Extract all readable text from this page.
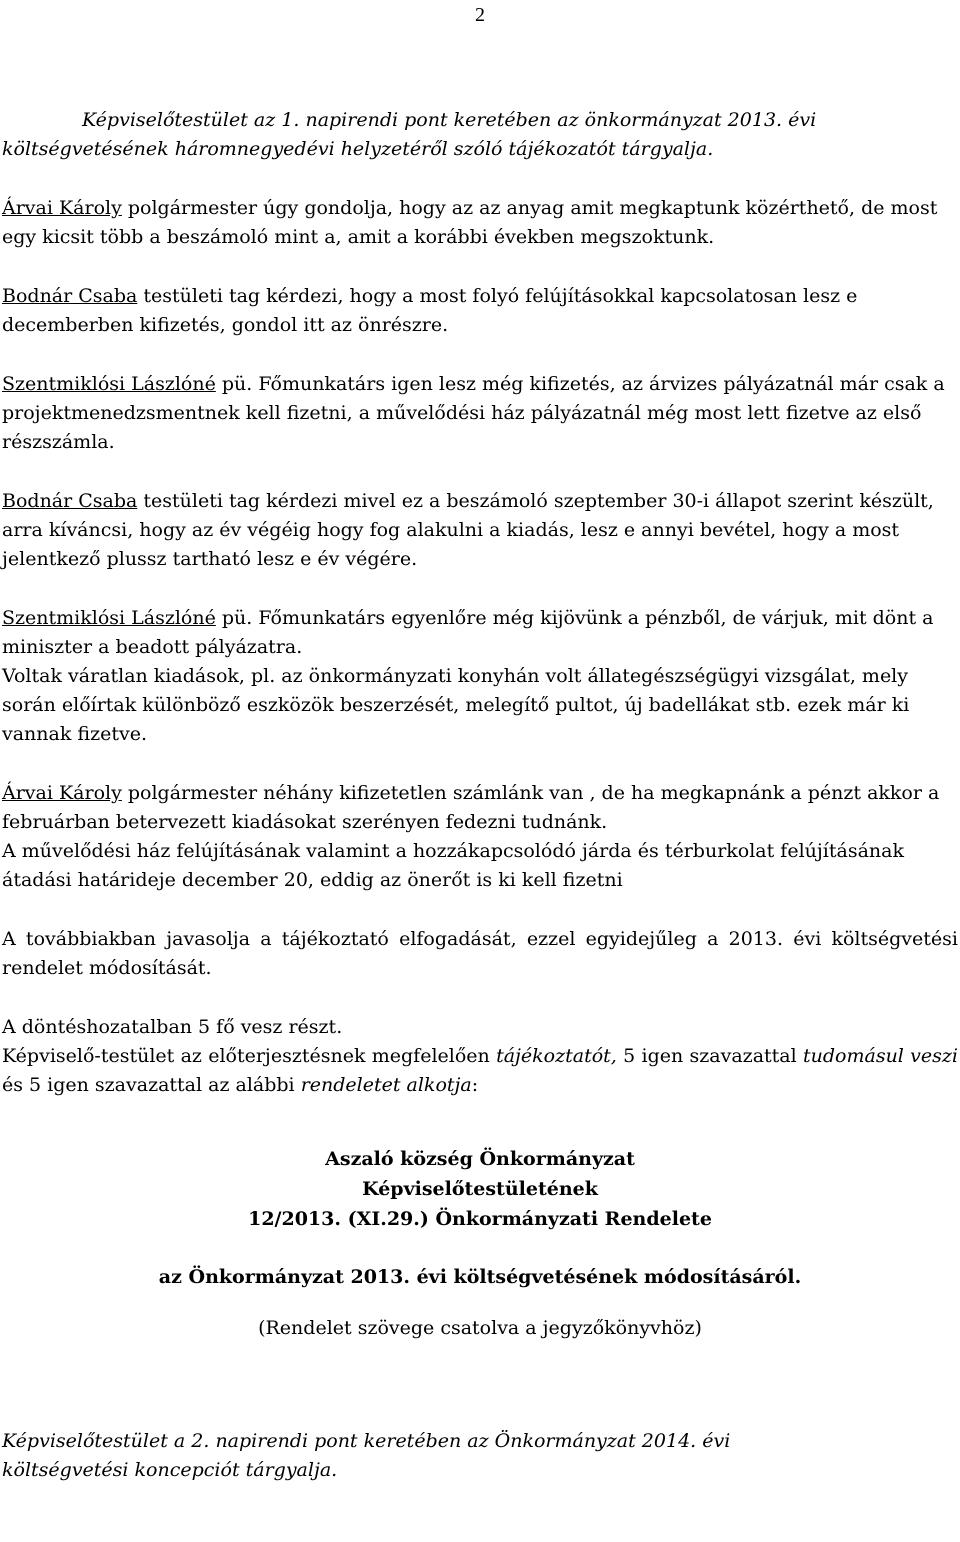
2

Képviselőtestület az 1. napirendi pont keretében az önkormányzat 2013. évi

költségvetésének háromnegyedévi helyzetéről szóló tájékozatót tárgyalja.

Árvai Károly polgármester úgy gondolja, hogy az az anyag amit megkaptunk közérthető, de most egy kicsit több a beszámoló mint a, amit a korábbi években megszoktunk.

Bodnár Csaba testületi tag kérdezi, hogy a most folyó felújításokkal kapcsolatosan lesz e decemberben kifizetés, gondol itt az önrészre.

Szentmiklósi Lászlóné pü. Főmunkatárs igen lesz még kifizetés, az árvizes pályázatnál már csak a projektmenedzsmentnek kell fizetni, a művelődési ház pályázatnál még most lett fizetve az első részszámla.

Bodnár Csaba testületi tag kérdezi mivel ez a beszámoló szeptember 30-i állapot szerint készült, arra kíváncsi, hogy az év végéig hogy fog alakulni a kiadás, lesz e annyi bevétel, hogy a most jelentkező plussz tartható lesz e év végére.

Szentmiklósi Lászlóné pü. Főmunkatárs egyenlőre még kijövünk a pénzből, de várjuk, mit dönt a miniszter a beadott pályázatra.

Voltak váratlan kiadások, pl. az önkormányzati konyhán volt állategészségügyi vizsgálat, mely során előírtak különböző eszközök beszerzését, melegítő pultot, új badellákat stb. ezek már ki vannak fizetve.

Árvai Károly polgármester néhány kifizetetlen számlánk van , de ha megkapnánk a pénzt akkor a februárban betervezett kiadásokat szerényen fedezni tudnánk.

A művelődési ház felújításának valamint a hozzákapcsolódó járda és térburkolat felújításának átadási határideje december 20, eddig az önerőt is ki kell fizetni

A továbbiakban javasolja a tájékoztató elfogadását, ezzel egyidejűleg a 2013. évi költségvetési rendelet módosítását.

A döntéshozatalban 5 fő vesz részt.

Képviselő-testület az előterjesztésnek megfelelően tájékoztatót, 5 igen szavazattal tudomásul veszi és 5 igen szavazattal az alábbi rendeletet alkotja:

Aszaló község Önkormányzat

Képviselőtestületének

12/2013. (XI.29.) Önkormányzati Rendelete

az Önkormányzat 2013. évi költségvetésének módosításáról.

(Rendelet szövege csatolva a jegyzőkönyvhöz)

Képviselőtestület a 2. napirendi pont keretében az Önkormányzat 2014. évi

költségvetési koncepciót tárgyalja.
